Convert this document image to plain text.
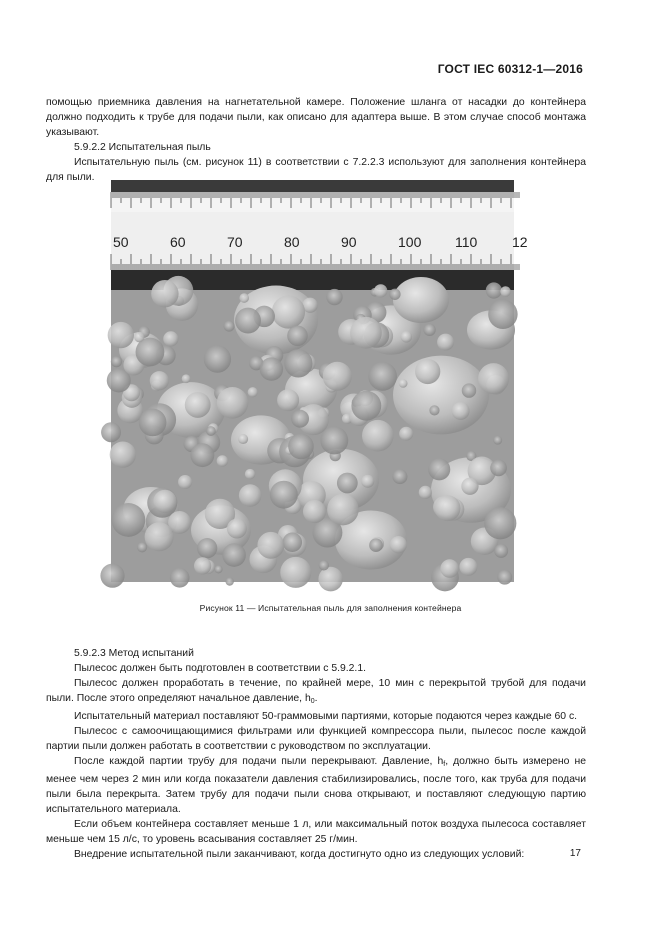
ГОСТ IEC 60312-1—2016

помощью приемника давления на нагнетательной камере. Положение шланга от насадки до контейнера должно подходить к трубе для подачи пыли, как описано для адаптера выше. В этом случае способ монтажа указывают.

5.9.2.2 Испытательная пыль

Испытательную пыль (см. рисунок 11) в соответствии с 7.2.2.3 используют для заполнения контейнера для пыли.

50	60	70	80	90	100 110 12
Рисунок 11 — Испытательная пыль для заполнения контейнера

5.9.2.3 Метод испытаний

Пылесос должен быть подготовлен в соответствии с 5.9.2.1.

Пылесос должен проработать в течение, по крайней мере, 10 мин с перекрытой трубой для подачи пыли. После этого определяют начальное давление, $h_0$.

Испытательный материал поставляют 50-граммовыми партиями, которые подаются через каждые 60 с.

Пылесос с самоочищающимися фильтрами или функцией компрессора пыли, пылесос после каждой партии пыли должен работать в соответствии с руководством по эксплуатации.

После каждой партии трубу для подачи пыли перекрывают. Давление, $h_f$, должно быть измерено не менее чем через 2 мин или когда показатели давления стабилизировались, после того, как труба для подачи пыли была перекрыта. Затем трубу для подачи пыли снова открывают, и поставляют следующую партию испытательного материала.

Если объем контейнера составляет меньше 1 л, или максимальный поток воздуха пылесоса составляет меньше чем 15 л/с, то уровень всасывания составляет 25 г/мин.

Внедрение испытательной пыли заканчивают, когда достигнуто одно из следующих условий:	17
